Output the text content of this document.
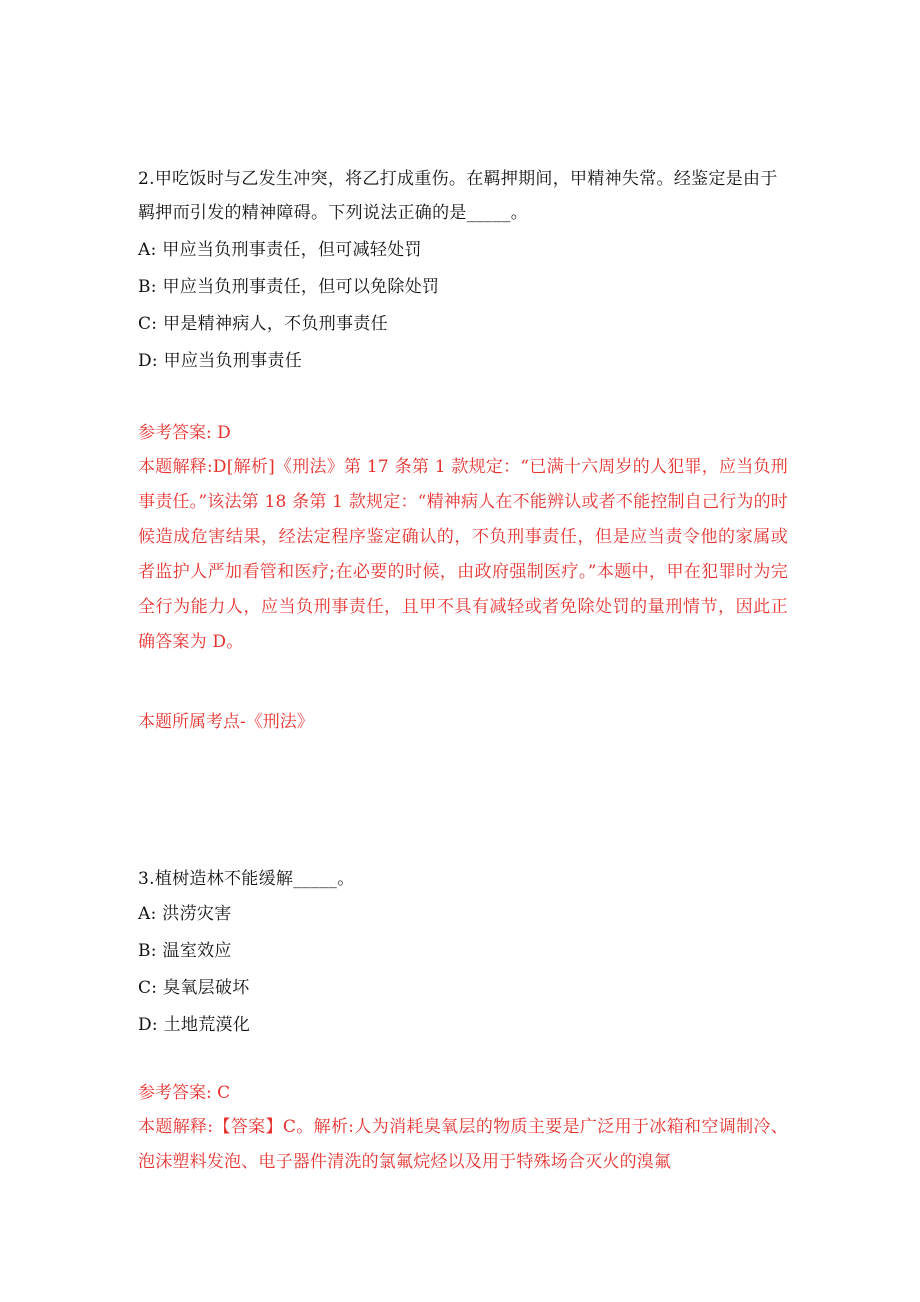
2.甲吃饭时与乙发生冲突，将乙打成重伤。在羁押期间，甲精神失常。经鉴定是由于羁押而引发的精神障碍。下列说法正确的是_____。

A: 甲应当负刑事责任，但可减轻处罚

B: 甲应当负刑事责任，但可以免除处罚

C: 甲是精神病人，不负刑事责任

D: 甲应当负刑事责任

参考答案: D

本题解释:D[解析]《刑法》第 17 条第 1 款规定：“已满十六周岁的人犯罪，应当负刑事责任。”该法第 18 条第 1 款规定：“精神病人在不能辨认或者不能控制自己行为的时候造成危害结果，经法定程序鉴定确认的，不负刑事责任，但是应当责令他的家属或者监护人严加看管和医疗;在必要的时候，由政府强制医疗。”本题中，甲在犯罪时为完全行为能力人，应当负刑事责任，且甲不具有减轻或者免除处罚的量刑情节，因此正确答案为 D。

本题所属考点-《刑法》

3.植树造林不能缓解_____。

A: 洪涝灾害

B: 温室效应

C: 臭氧层破坏

D: 土地荒漠化

参考答案: C

本题解释:【答案】C。解析:人为消耗臭氧层的物质主要是广泛用于冰箱和空调制冷、泡沫塑料发泡、电子器件清洗的氯氟烷烃以及用于特殊场合灭火的溴氟
